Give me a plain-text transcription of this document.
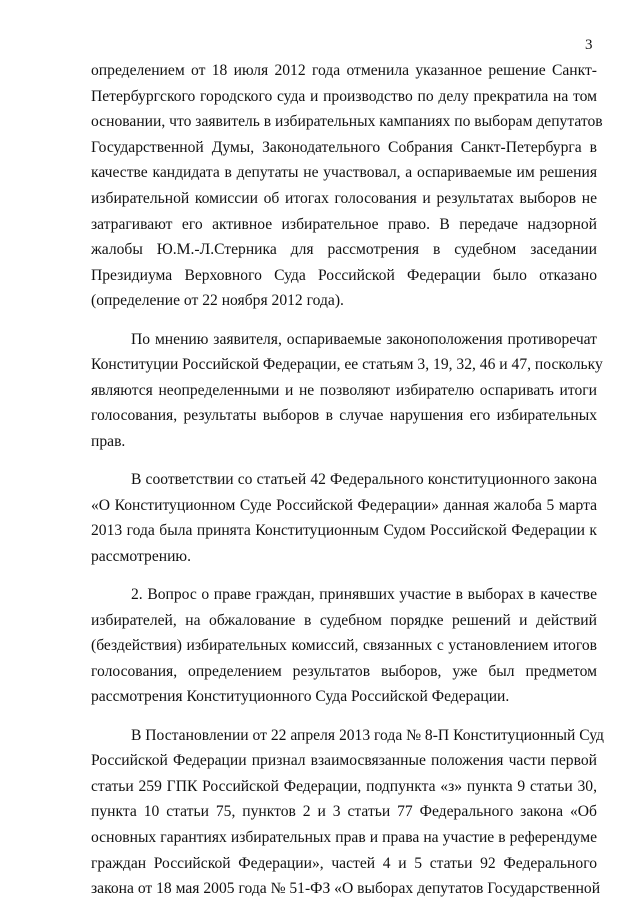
3
определением от 18 июля 2012 года отменила указанное решение Санкт-
Петербургского городского суда и производство по делу прекратила на том
основании, что заявитель в избирательных кампаниях по выборам депутатов
Государственной Думы, Законодательного Собрания Санкт-Петербурга в
качестве кандидата в депутаты не участвовал, а оспариваемые им решения
избирательной комиссии об итогах голосования и результатах выборов не
затрагивают его активное избирательное право. В передаче надзорной
жалобы Ю.М.-Л.Стерника для рассмотрения в судебном заседании
Президиума Верховного Суда Российской Федерации было отказано
(определение от 22 ноября 2012 года).
По мнению заявителя, оспариваемые законоположения противоречат
Конституции Российской Федерации, ее статьям 3, 19, 32, 46 и 47, поскольку
являются неопределенными и не позволяют избирателю оспаривать итоги
голосования, результаты выборов в случае нарушения его избирательных
прав.
В соответствии со статьей 42 Федерального конституционного закона
«О Конституционном Суде Российской Федерации» данная жалоба 5 марта
2013 года была принята Конституционным Судом Российской Федерации к
рассмотрению.
2. Вопрос о праве граждан, принявших участие в выборах в качестве
избирателей, на обжалование в судебном порядке решений и действий
(бездействия) избирательных комиссий, связанных с установлением итогов
голосования, определением результатов выборов, уже был предметом
рассмотрения Конституционного Суда Российской Федерации.
В Постановлении от 22 апреля 2013 года № 8-П Конституционный Суд
Российской Федерации признал взаимосвязанные положения части первой
статьи 259 ГПК Российской Федерации, подпункта «з» пункта 9 статьи 30,
пункта 10 статьи 75, пунктов 2 и 3 статьи 77 Федерального закона «Об
основных гарантиях избирательных прав и права на участие в референдуме
граждан Российской Федерации», частей 4 и 5 статьи 92 Федерального
закона от 18 мая 2005 года № 51-ФЗ «О выборах депутатов Государственной
